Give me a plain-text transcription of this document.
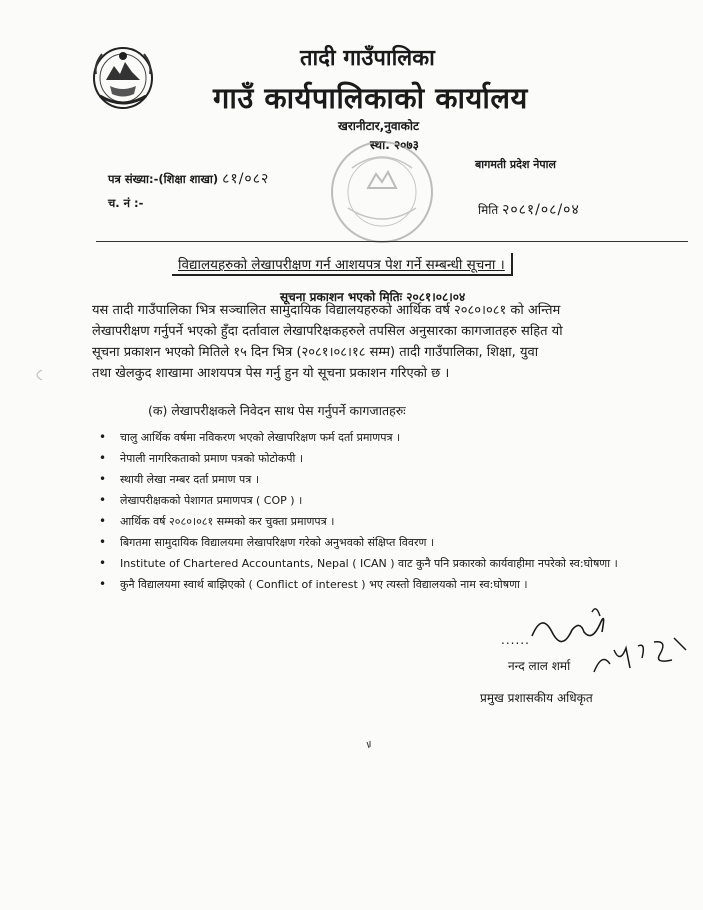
तादी गाउँपालिका
गाउँ कार्यपालिकाको कार्यालय
खरानीटार,नुवाकोट
स्था. २०७३
बागमती प्रदेश नेपाल
पत्र संख्या:-(शिक्षा शाखा) ८१/०८२
च. नं :-	मिति २०८१/०८/०४
विद्यालयहरुको लेखापरीक्षण गर्न आशयपत्र पेश गर्ने सम्बन्धी सूचना ।
सूचना प्रकाशन भएको मितिः २०८१।०८।०४
यस तादी गाउँपालिका भित्र सञ्चालित सामुदायिक विद्यालयहरुको आर्थिक वर्ष २०८०।०८१ को अन्तिम
लेखापरीक्षण गर्नुपर्ने भएको हुँदा दर्तावाल लेखापरिक्षकहरुले तपसिल अनुसारका कागजातहरु सहित यो
सूचना प्रकाशन भएको मितिले १५ दिन भित्र (२०८१।०८।१८ सम्म) तादी गाउँपालिका, शिक्षा, युवा
तथा खेलकुद शाखामा आशयपत्र पेस गर्नु हुन यो सूचना प्रकाशन गरिएको छ ।
(क) लेखापरीक्षकले निवेदन साथ पेस गर्नुपर्ने कागजातहरुः
• चालु आर्थिक वर्षमा नविकरण भएको लेखापरिक्षण फर्म दर्ता प्रमाणपत्र ।
• नेपाली नागरिकताको प्रमाण पत्रको फोटोकपी ।
• स्थायी लेखा नम्बर दर्ता प्रमाण पत्र ।
• लेखापरीक्षकको पेशागत प्रमाणपत्र ( COP ) ।
• आर्थिक वर्ष २०८०।०८१ सम्मको कर चुक्ता प्रमाणपत्र ।
• बिगतमा सामुदायिक विद्यालयमा लेखापरिक्षण गरेको अनुभवको संक्षिप्त विवरण ।
• Institute of Chartered Accountants, Nepal ( ICAN ) वाट कुनै पनि प्रकारको कार्यवाहीमा नपरेको स्व:घोषणा ।
• कुनै विद्यालयमा स्वार्थ बाझिएको ( Conflict of interest ) भए त्यस्तो विद्यालयको नाम स्व:घोषणा ।
......
नन्द लाल शर्मा
प्रमुख प्रशासकीय अधिकृत
